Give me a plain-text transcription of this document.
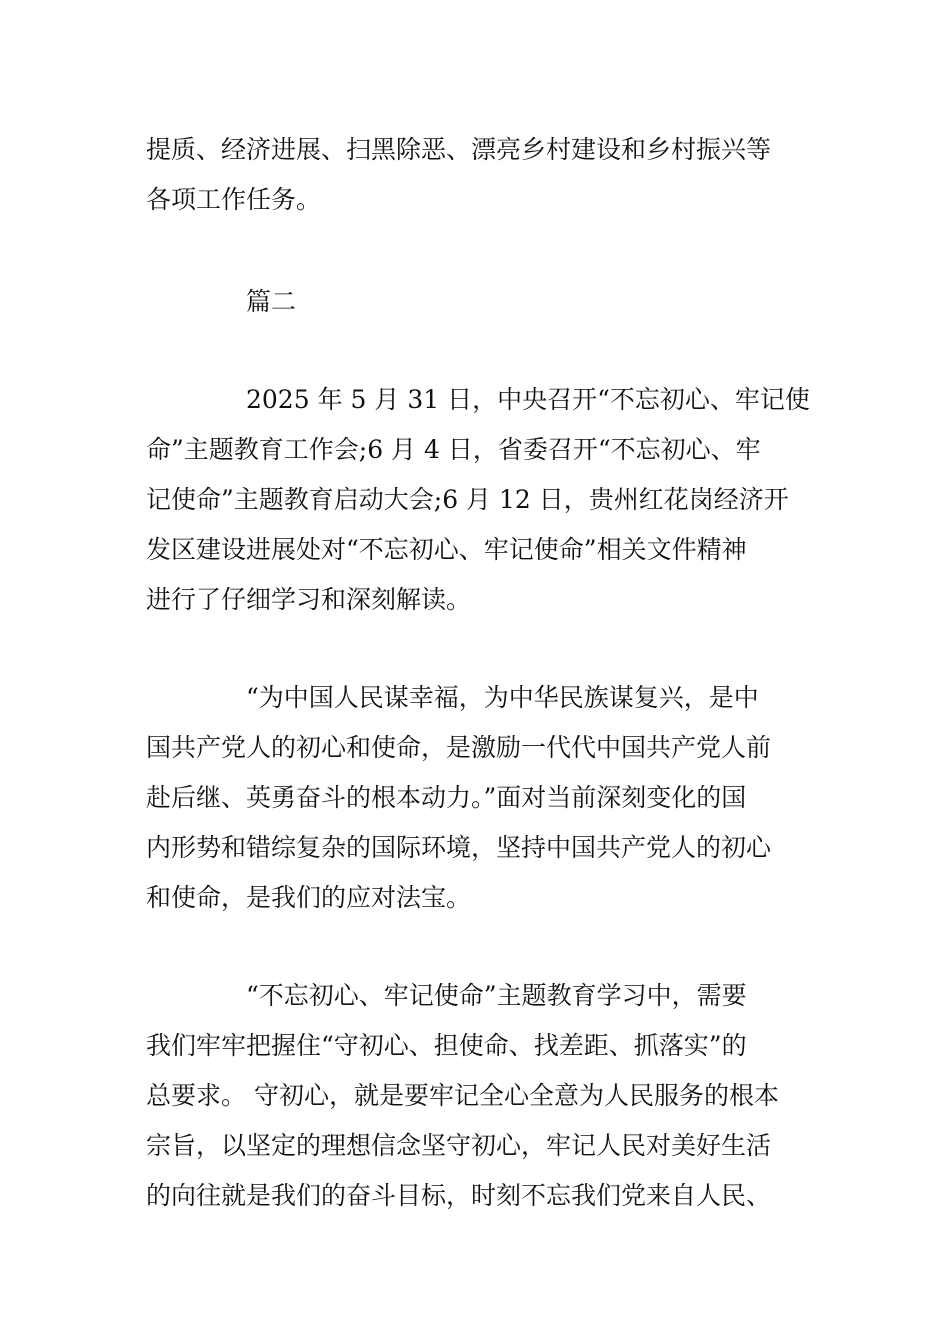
提质、经济进展、扫黑除恶、漂亮乡村建设和乡村振兴等
各项工作任务。
篇二
2025 年 5 月 31 日，中央召开“不忘初心、牢记使
命”主题教育工作会;6 月 4 日，省委召开“不忘初心、牢
记使命”主题教育启动大会;6 月 12 日，贵州红花岗经济开
发区建设进展处对“不忘初心、牢记使命”相关文件精神
进行了仔细学习和深刻解读。
“为中国人民谋幸福，为中华民族谋复兴，是中
国共产党人的初心和使命，是激励一代代中国共产党人前
赴后继、英勇奋斗的根本动力。”面对当前深刻变化的国
内形势和错综复杂的国际环境，坚持中国共产党人的初心
和使命，是我们的应对法宝。
“不忘初心、牢记使命”主题教育学习中，需要
我们牢牢把握住“守初心、担使命、找差距、抓落实”的
总要求。 守初心，就是要牢记全心全意为人民服务的根本
宗旨，以坚定的理想信念坚守初心，牢记人民对美好生活
的向往就是我们的奋斗目标，时刻不忘我们党来自人民、
